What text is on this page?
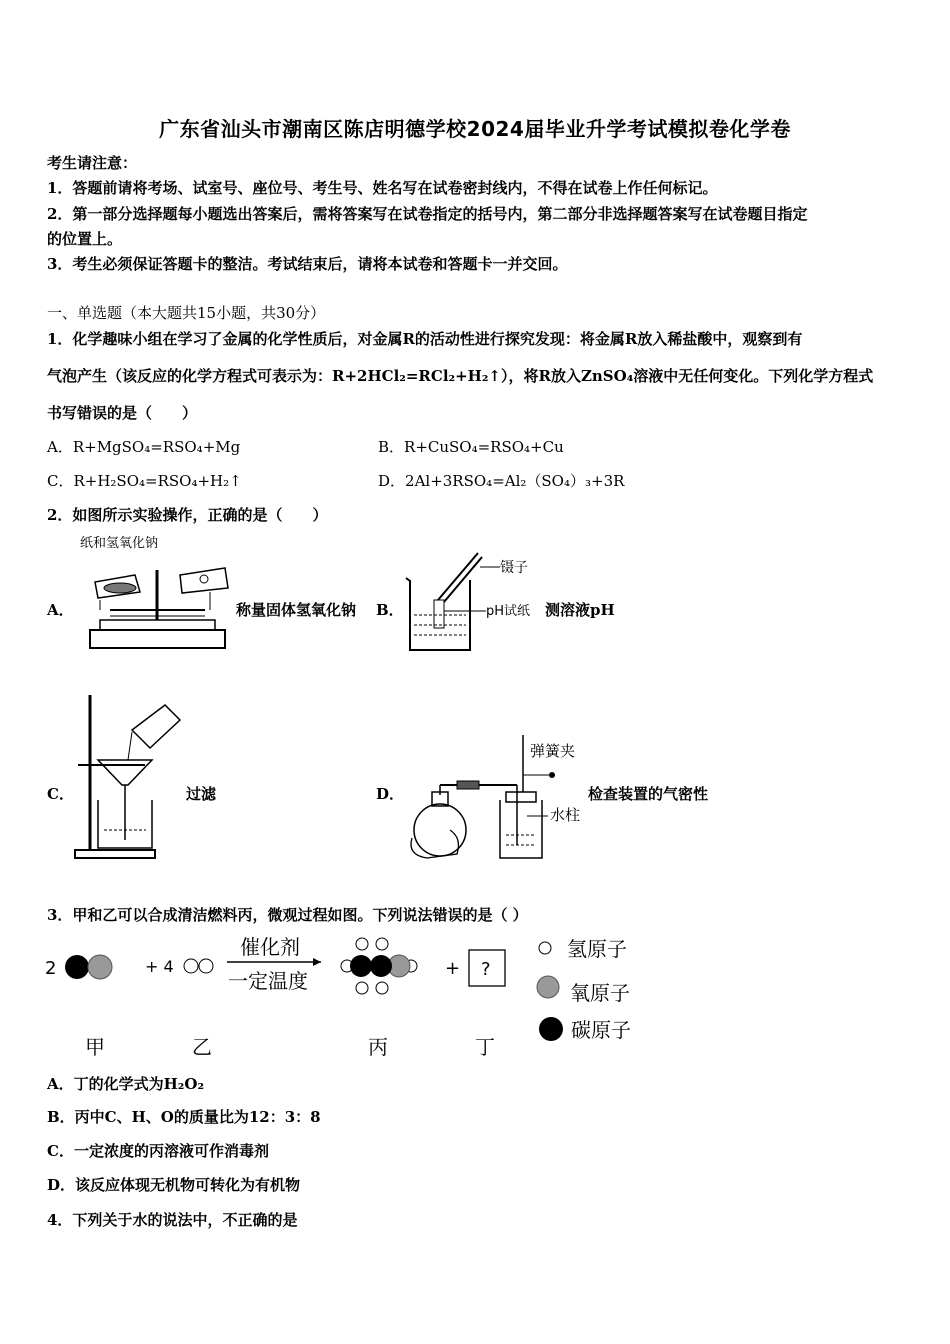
广东省汕头市潮南区陈店明德学校2024届毕业升学考试模拟卷化学卷
考生请注意：
1．答题前请将考场、试室号、座位号、考生号、姓名写在试卷密封线内，不得在试卷上作任何标记。
2．第一部分选择题每小题选出答案后，需将答案写在试卷指定的括号内，第二部分非选择题答案写在试卷题目指定
的位置上。
3．考生必须保证答题卡的整洁。考试结束后，请将本试卷和答题卡一并交回。
一、单选题（本大题共15小题，共30分）
1．化学趣味小组在学习了金属的化学性质后，对金属R的活动性进行探究发现：将金属R放入稀盐酸中，观察到有
气泡产生（该反应的化学方程式可表示为：R+2HCl₂=RCl₂+H₂↑），将R放入ZnSO₄溶液中无任何变化。下列化学方程式
书写错误的是（　　）
A．R+MgSO₄=RSO₄+Mg	B．R+CuSO₄=RSO₄+Cu
C．R+H₂SO₄=RSO₄+H₂↑	D．2Al+3RSO₄=Al₂（SO₄）₃+3R
2．如图所示实验操作，正确的是（　　）
A．
纸和氢氧化钠
称量固体氢氧化钠 B．
镊子
pH试纸 测溶液pH
C．	过滤	D．
弹簧夹
水柱
检查装置的气密性
3．甲和乙可以合成清洁燃料丙，微观过程如图。下列说法错误的是（ ）
2	+ 4
催化剂
一定温度
+ ?
氢原子
氧原子
碳原子
甲	乙	丙	丁
A．丁的化学式为H₂O₂
B．丙中C、H、O的质量比为12：3：8
C．一定浓度的丙溶液可作消毒剂
D．该反应体现无机物可转化为有机物
4．下列关于水的说法中，不正确的是
